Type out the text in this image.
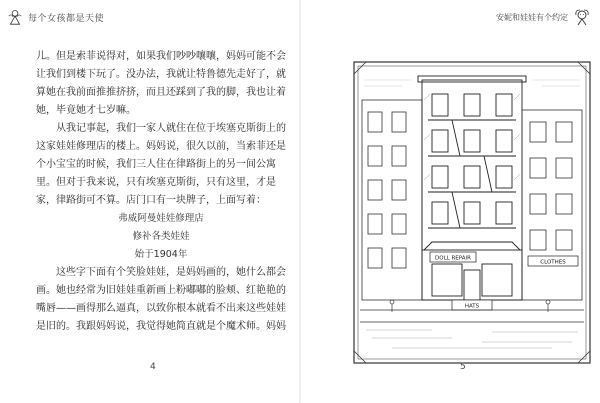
每个女孩都是天使	安妮和娃娃有个约定

儿。但是索菲说得对，如果我们吵吵嚷嚷，妈妈可能不会让我们到楼下玩了。没办法，我就让特鲁德先走好了，就算她在我前面推推挤挤，而且还踩到了我的脚，我也让着她，毕竟她才七岁嘛。

从我记事起，我们一家人就住在位于埃塞克斯街上的这家娃娃修理店的楼上。妈妈说，很久以前，当索菲还是个小宝宝的时候，我们三人住在律路街上的另一间公寓里。但对于我来说，只有埃塞克斯街，只有这里，才是家，律路街可不算。店门口有一块牌子，上面写着：

弗威阿曼娃娃修理店
修补各类娃娃
始于1904年

这些字下面有个笑脸娃娃，是妈妈画的，她什么都会画。她也经常为旧娃娃重新画上粉嘟嘟的脸颊、红艳艳的嘴唇——画得那么逼真，以致你根本就看不出来这些娃娃是旧的。我跟妈妈说，我觉得她简直就是个魔术师。妈妈

4
DOLL REPAIR
CLOTHES
HATS
5
